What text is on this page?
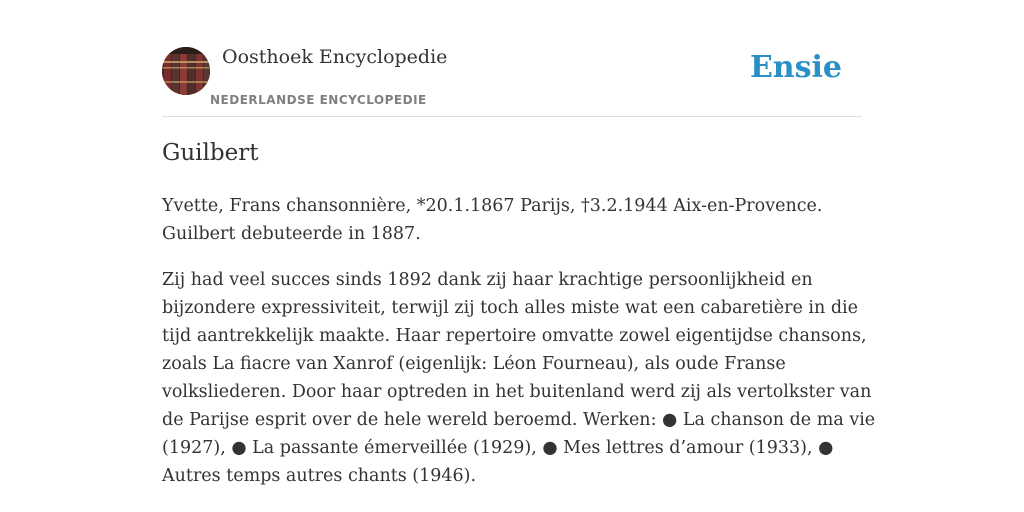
Oosthoek Encyclopedie
NEDERLANDSE ENCYCLOPEDIE
Ensie
Guilbert

Yvette, Frans chansonnière, *20.1.1867 Parijs, †3.2.1944 Aix-en-Provence.
Guilbert debuteerde in 1887.

Zij had veel succes sinds 1892 dank zij haar krachtige persoonlijkheid en
bijzondere expressiviteit, terwijl zij toch alles miste wat een cabaretière in die
tijd aantrekkelijk maakte. Haar repertoire omvatte zowel eigentijdse chansons,
zoals La fiacre van Xanrof (eigenlijk: Léon Fourneau), als oude Franse
volksliederen. Door haar optreden in het buitenland werd zij als vertolkster van
de Parijse esprit over de hele wereld beroemd. Werken: ● La chanson de ma vie
(1927), ● La passante émerveillée (1929), ● Mes lettres d’amour (1933), ●
Autres temps autres chants (1946).
